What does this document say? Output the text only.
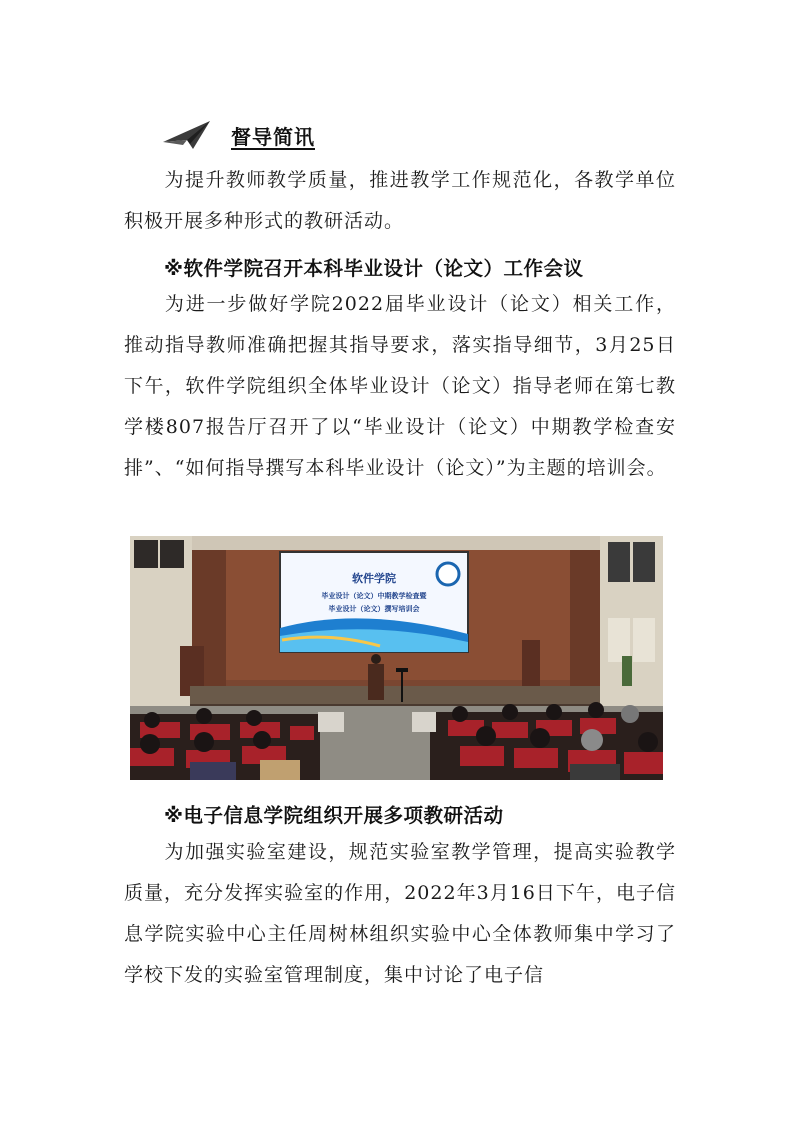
督导简讯

为提升教师教学质量，推进教学工作规范化，各教学单位积极开展多种形式的教研活动。

※软件学院召开本科毕业设计（论文）工作会议

为进一步做好学院2022届毕业设计（论文）相关工作，推动指导教师准确把握其指导要求，落实指导细节，3月25日下午，软件学院组织全体毕业设计（论文）指导老师在第七教学楼807报告厅召开了以“毕业设计（论文）中期教学检查安排”、“如何指导撰写本科毕业设计（论文）”为主题的培训会。

软件学院
毕业设计（论文）中期教学检查暨
毕业设计（论文）撰写培训会

※电子信息学院组织开展多项教研活动

为加强实验室建设，规范实验室教学管理，提高实验教学质量，充分发挥实验室的作用，2022年3月16日下午，电子信息学院实验中心主任周树林组织实验中心全体教师集中学习了学校下发的实验室管理制度，集中讨论了电子信
